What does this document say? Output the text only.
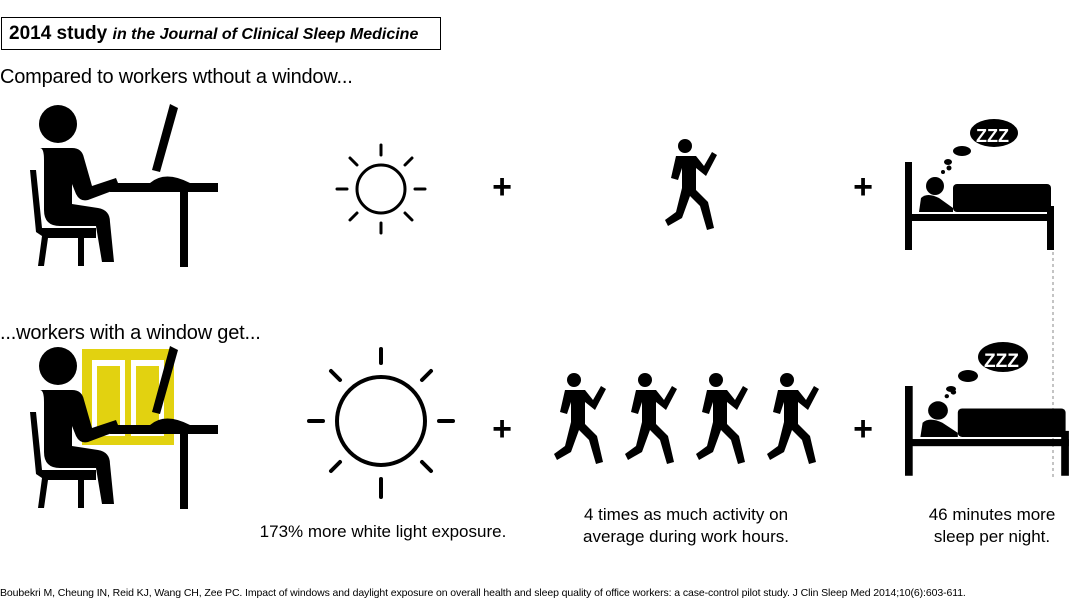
2014 study in the Journal of Clinical Sleep Medicine
Compared to workers wthout a window...
...workers with a window get...
+	+
ZZZ
+	+
ZZZ
173% more white light exposure.
4 times as much activity on
average during work hours.
46 minutes more
sleep per night.
Boubekri M, Cheung IN, Reid KJ, Wang CH, Zee PC. Impact of windows and daylight exposure on overall health and sleep quality of office workers: a case-control pilot study. J Clin Sleep Med 2014;10(6):603-611.
